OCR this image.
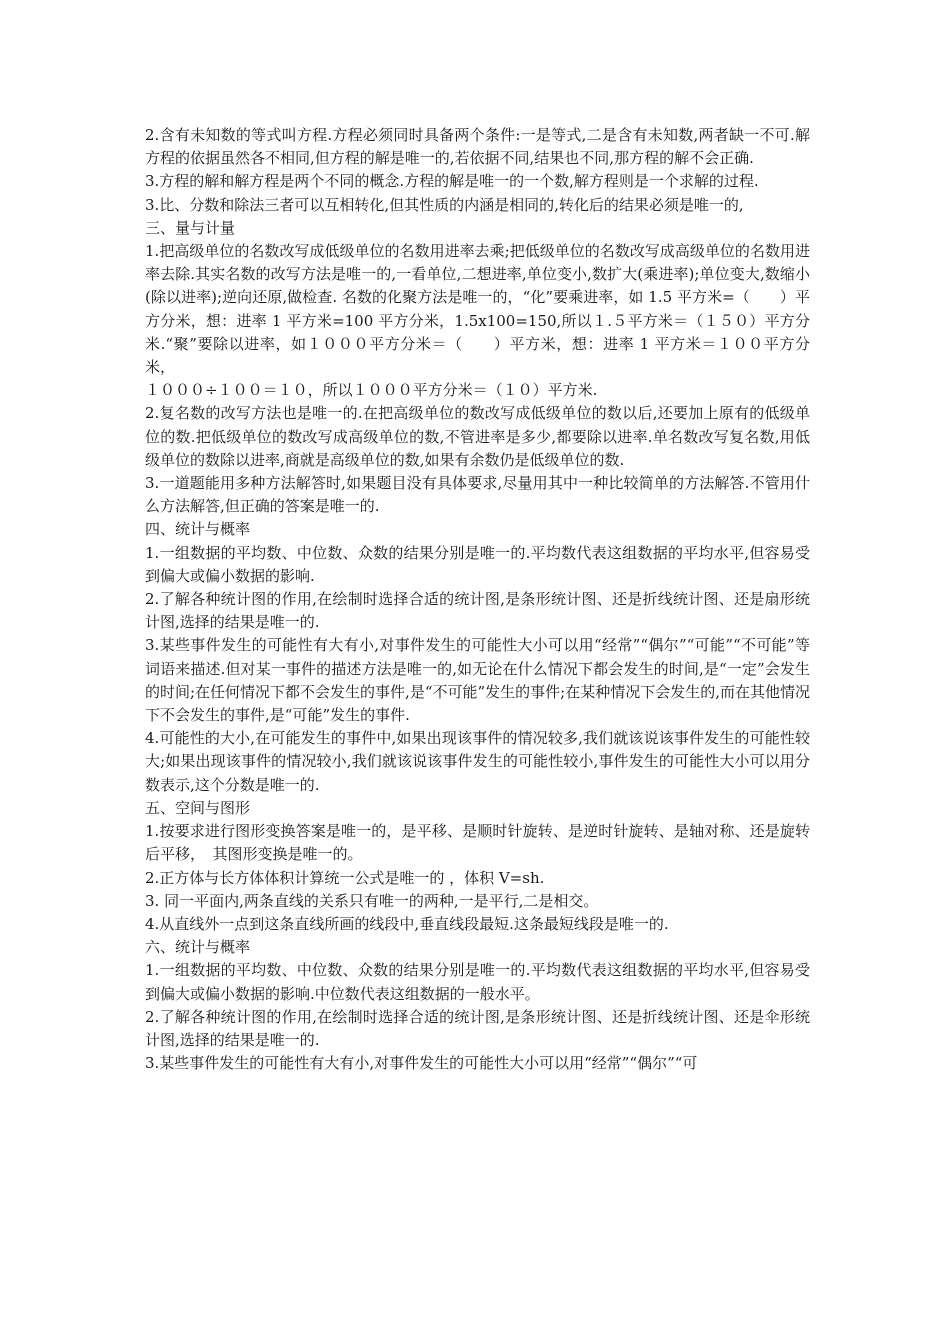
2.含有未知数的等式叫方程.方程必须同时具备两个条件:一是等式,二是含有未知数,两者缺一不可.解方程的依据虽然各不相同,但方程的解是唯一的,若依据不同,结果也不同,那方程的解不会正确.

3.方程的解和解方程是两个不同的概念.方程的解是唯一的一个数,解方程则是一个求解的过程.

3.比、分数和除法三者可以互相转化,但其性质的内涵是相同的,转化后的结果必须是唯一的,

三、量与计量

1.把高级单位的名数改写成低级单位的名数用进率去乘;把低级单位的名数改写成高级单位的名数用进率去除.其实名数的改写方法是唯一的,一看单位,二想进率,单位变小,数扩大(乘进率);单位变大,数缩小(除以进率);逆向还原,做检查. 名数的化聚方法是唯一的，“化”要乘进率，如 1.5 平方米=（　　）平方分米，想：进率 1 平方米=100 平方分米，1.5x100=150,所以１.５平方米＝（１５０）平方分米.“聚”要除以进率，如１０００平方分米＝（　　）平方米，想：进率 1 平方米＝１００平方分米，

１０００÷１００＝１０，所以１０００平方分米＝（１０）平方米.

2.复名数的改写方法也是唯一的.在把高级单位的数改写成低级单位的数以后,还要加上原有的低级单位的数.把低级单位的数改写成高级单位的数,不管进率是多少,都要除以进率.单名数改写复名数,用低级单位的数除以进率,商就是高级单位的数,如果有余数仍是低级单位的数.

3.一道题能用多种方法解答时,如果题目没有具体要求,尽量用其中一种比较简单的方法解答.不管用什么方法解答,但正确的答案是唯一的.

四、统计与概率

1.一组数据的平均数、中位数、众数的结果分别是唯一的.平均数代表这组数据的平均水平,但容易受到偏大或偏小数据的影响.

2.了解各种统计图的作用,在绘制时选择合适的统计图,是条形统计图、还是折线统计图、还是扇形统计图,选择的结果是唯一的.

3.某些事件发生的可能性有大有小,对事件发生的可能性大小可以用“经常”“偶尔”“可能”“不可能”等词语来描述.但对某一事件的描述方法是唯一的,如无论在什么情况下都会发生的时间,是“一定”会发生的时间;在任何情况下都不会发生的事件,是“不可能”发生的事件;在某种情况下会发生的,而在其他情况下不会发生的事件,是“可能”发生的事件.

4.可能性的大小,在可能发生的事件中,如果出现该事件的情况较多,我们就该说该事件发生的可能性较大;如果出现该事件的情况较小,我们就该说该事件发生的可能性较小,事件发生的可能性大小可以用分数表示,这个分数是唯一的.

五、空间与图形

1.按要求进行图形变换答案是唯一的，是平移、是顺时针旋转、是逆时针旋转、是轴对称、还是旋转后平移，　其图形变换是唯一的。

2.正方体与长方体体积计算统一公式是唯一的 ，体积 V=sh.

3. 同一平面内,两条直线的关系只有唯一的两种,一是平行,二是相交。

4.从直线外一点到这条直线所画的线段中,垂直线段最短.这条最短线段是唯一的.

六、统计与概率

1.一组数据的平均数、中位数、众数的结果分别是唯一的.平均数代表这组数据的平均水平,但容易受到偏大或偏小数据的影响.中位数代表这组数据的一般水平。

2.了解各种统计图的作用,在绘制时选择合适的统计图,是条形统计图、还是折线统计图、还是伞形统计图,选择的结果是唯一的.

3.某些事件发生的可能性有大有小,对事件发生的可能性大小可以用“经常”“偶尔”“可
